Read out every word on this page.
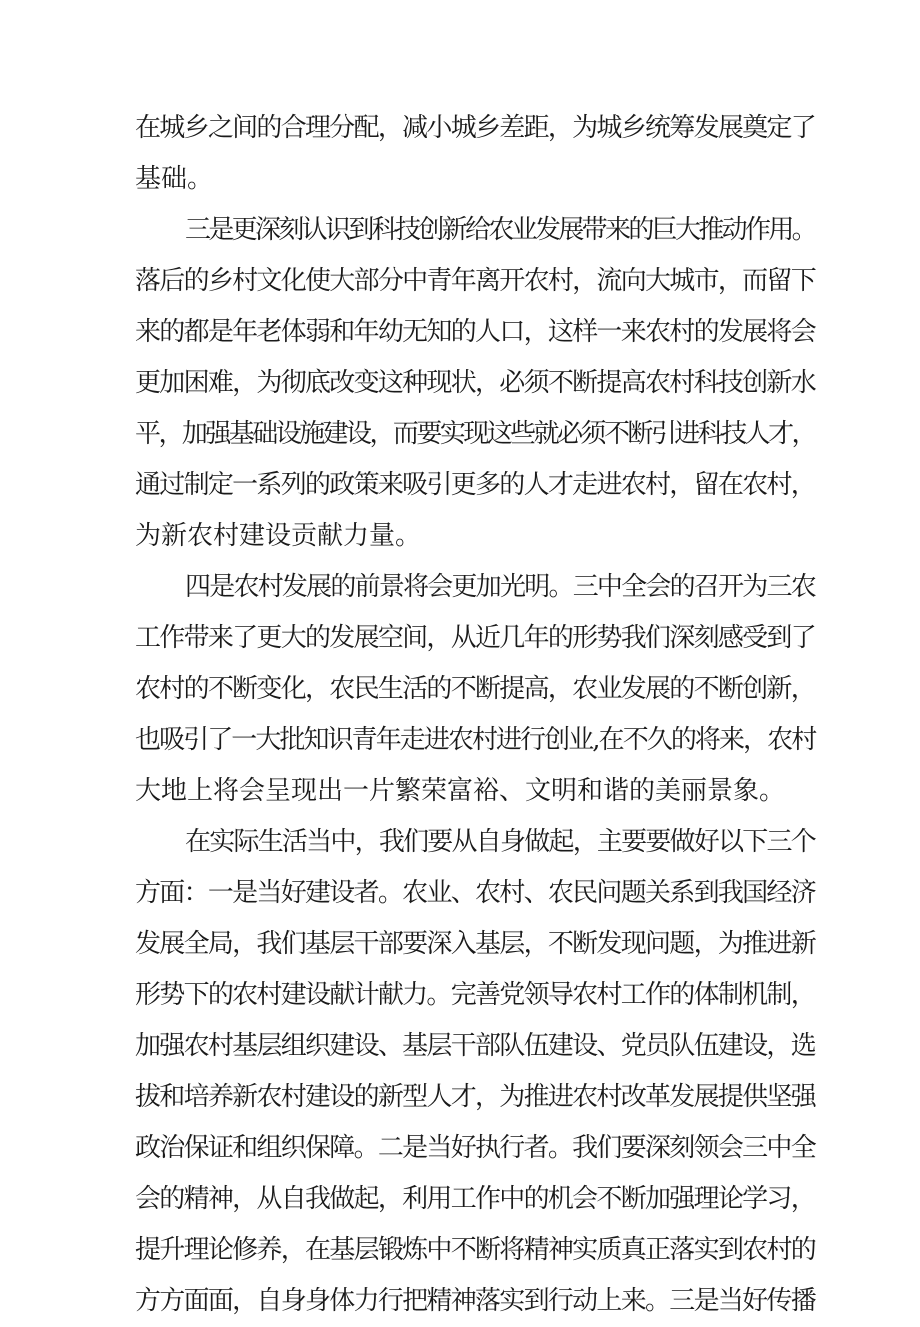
在城乡之间的合理分配，减小城乡差距，为城乡统筹发展奠定了
基础。
三是更深刻认识到科技创新给农业发展带来的巨大推动作用。
落后的乡村文化使大部分中青年离开农村，流向大城市，而留下
来的都是年老体弱和年幼无知的人口，这样一来农村的发展将会
更加困难，为彻底改变这种现状，必须不断提高农村科技创新水
平，加强基础设施建设，而要实现这些就必须不断引进科技人才，
通过制定一系列的政策来吸引更多的人才走进农村，留在农村，
为新农村建设贡献力量。
四是农村发展的前景将会更加光明。三中全会的召开为三农
工作带来了更大的发展空间，从近几年的形势我们深刻感受到了
农村的不断变化，农民生活的不断提高，农业发展的不断创新，
也吸引了一大批知识青年走进农村进行创业,在不久的将来，农村
大地上将会呈现出一片繁荣富裕、文明和谐的美丽景象。
在实际生活当中，我们要从自身做起，主要要做好以下三个
方面：一是当好建设者。农业、农村、农民问题关系到我国经济
发展全局，我们基层干部要深入基层，不断发现问题，为推进新
形势下的农村建设献计献力。完善党领导农村工作的体制机制，
加强农村基层组织建设、基层干部队伍建设、党员队伍建设，选
拔和培养新农村建设的新型人才，为推进农村改革发展提供坚强
政治保证和组织保障。二是当好执行者。我们要深刻领会三中全
会的精神，从自我做起，利用工作中的机会不断加强理论学习，
提升理论修养，在基层锻炼中不断将精神实质真正落实到农村的
方方面面，自身身体力行把精神落实到行动上来。三是当好传播
